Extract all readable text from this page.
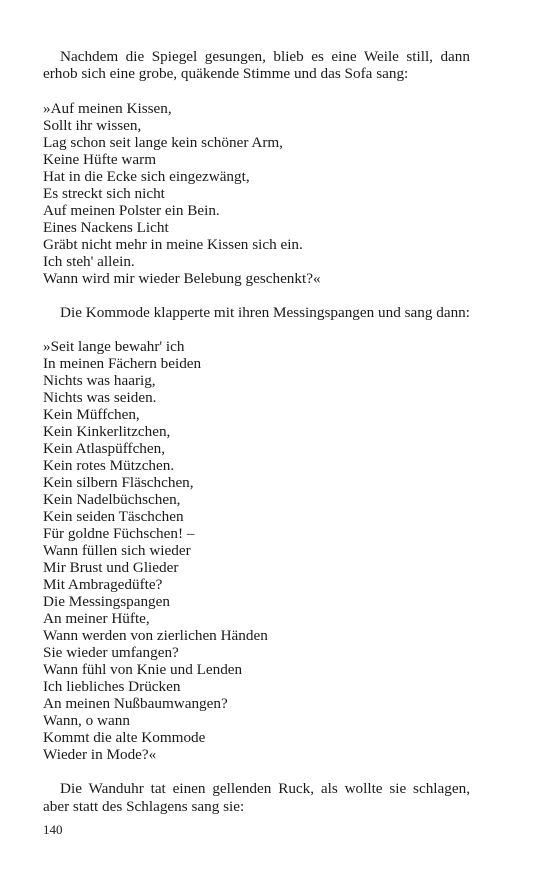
Nachdem die Spiegel gesungen, blieb es eine Weile still, dann erhob sich eine grobe, quäkende Stimme und das Sofa sang:

»Auf meinen Kissen,
Sollt ihr wissen,
Lag schon seit lange kein schöner Arm,
Keine Hüfte warm
Hat in die Ecke sich eingezwängt,
Es streckt sich nicht
Auf meinen Polster ein Bein.
Eines Nackens Licht
Gräbt nicht mehr in meine Kissen sich ein.
Ich steh' allein.
Wann wird mir wieder Belebung geschenkt?«

Die Kommode klapperte mit ihren Messingspangen und sang dann:

»Seit lange bewahr' ich
In meinen Fächern beiden
Nichts was haarig,
Nichts was seiden.
Kein Müffchen,
Kein Kinkerlitzchen,
Kein Atlaspüffchen,
Kein rotes Mützchen.
Kein silbern Fläschchen,
Kein Nadelbüchschen,
Kein seiden Täschchen
Für goldne Füchschen! –
Wann füllen sich wieder
Mir Brust und Glieder
Mit Ambragedüfte?
Die Messingspangen
An meiner Hüfte,
Wann werden von zierlichen Händen
Sie wieder umfangen?
Wann fühl von Knie und Lenden
Ich liebliches Drücken
An meinen Nußbaumwangen?
Wann, o wann
Kommt die alte Kommode
Wieder in Mode?«

Die Wanduhr tat einen gellenden Ruck, als wollte sie schlagen, aber statt des Schlagens sang sie:

140
